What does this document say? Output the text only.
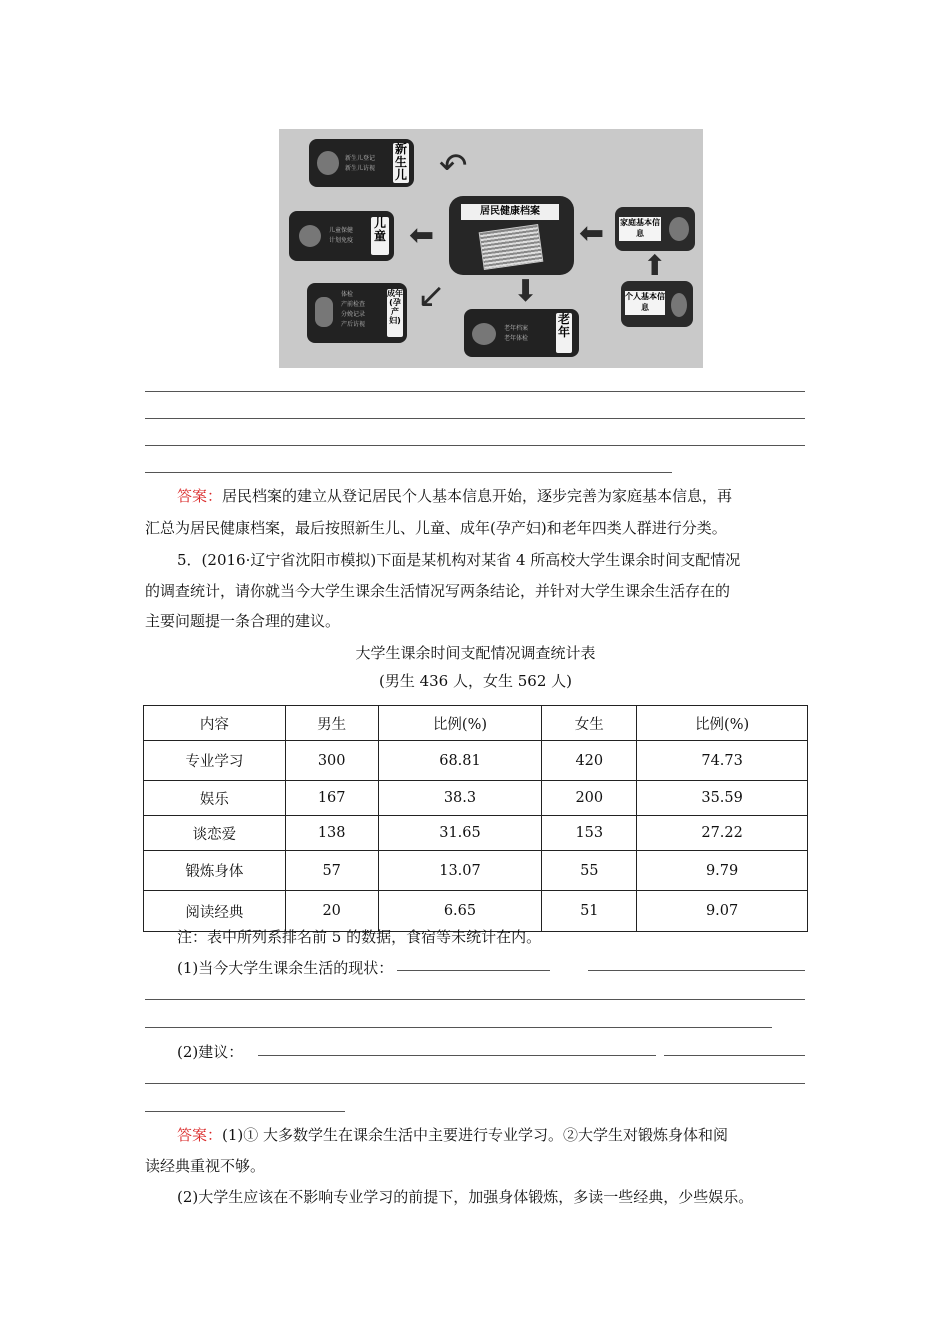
新生儿登记
新生儿访视
新生儿
儿童保健
计划免疫
儿童
体检
产前检查
分娩记录
产后访视
成年(孕产妇)
老年档案
老年体检
老年
居民健康档案
家庭基本信息
个人基本信息
↶
⬅
↙ ⬇
⬅
⬆
答案：居民档案的建立从登记居民个人基本信息开始，逐步完善为家庭基本信息，再
汇总为居民健康档案，最后按照新生儿、儿童、成年(孕产妇)和老年四类人群进行分类。
5．(2016·辽宁省沈阳市模拟)下面是某机构对某省 4 所高校大学生课余时间支配情况
的调查统计，请你就当今大学生课余生活情况写两条结论，并针对大学生课余生活存在的
主要问题提一条合理的建议。
大学生课余时间支配情况调查统计表
(男生 436 人，女生 562 人)
内容	男生	比例(%)	女生	比例(%)
专业学习	300	68.81	420	74.73
娱乐	167	38.3	200	35.59
谈恋爱	138	31.65	153	27.22
锻炼身体	57	13.07	55	9.79
阅读经典	20	6.65	51	9.07
注：表中所列系排名前 5 的数据，食宿等未统计在内。
(1)当今大学生课余生活的现状：
(2)建议：
答案：(1)① 大多数学生在课余生活中主要进行专业学习。②大学生对锻炼身体和阅
读经典重视不够。
(2)大学生应该在不影响专业学习的前提下，加强身体锻炼，多读一些经典，少些娱乐。
